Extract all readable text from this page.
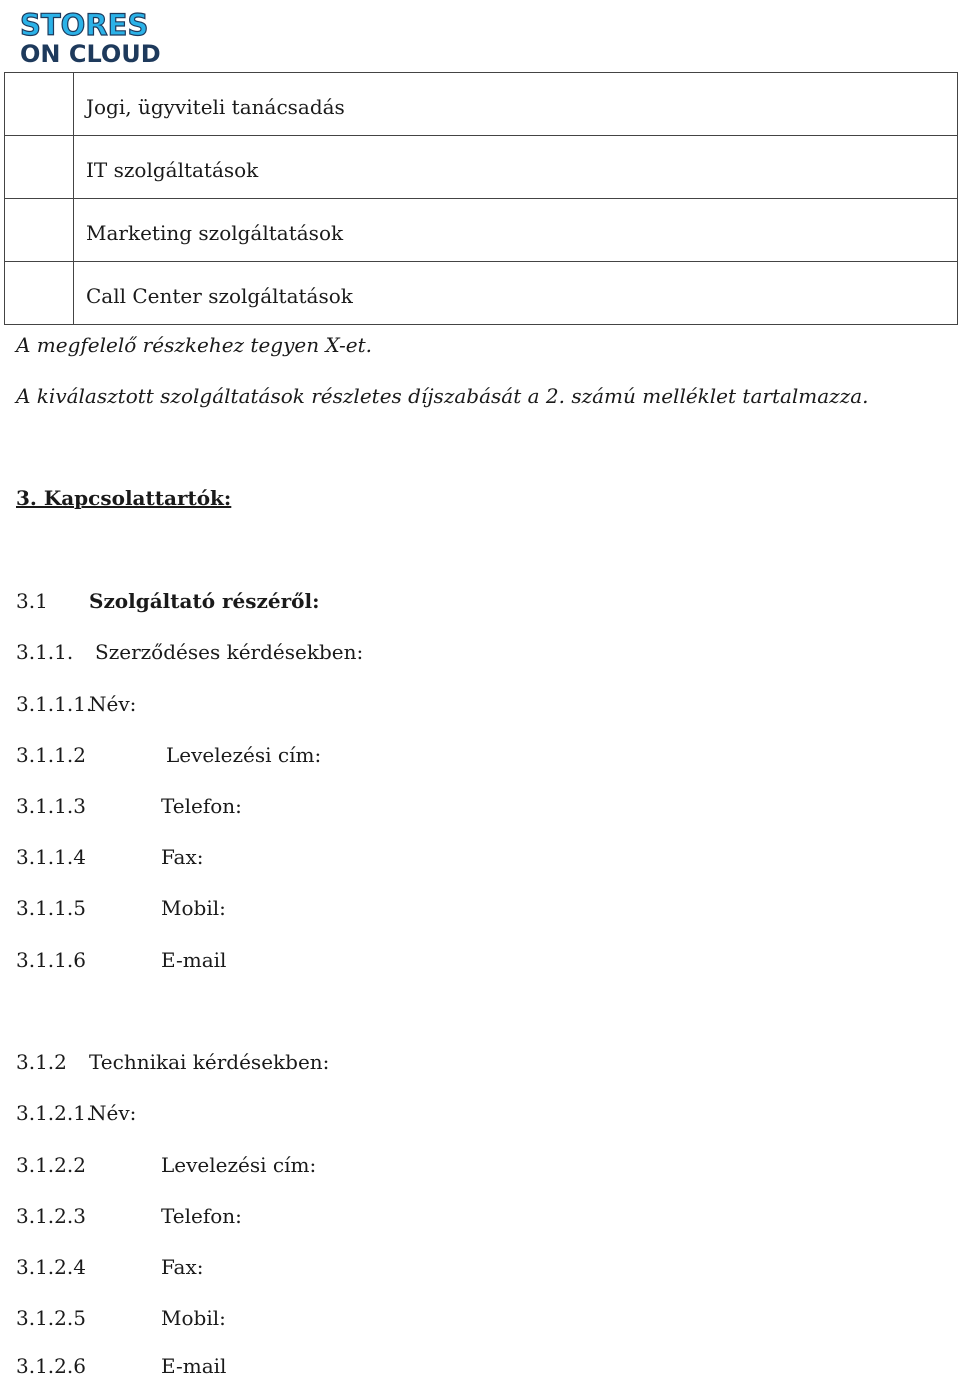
STORES
ON CLOUD
	Jogi, ügyviteli tanácsadás
	IT szolgáltatások
	Marketing szolgáltatások
	Call Center szolgáltatások
A megfelelő részkehez tegyen X-et.
A kiválasztott szolgáltatások részletes díjszabását a 2. számú melléklet tartalmazza.
3. Kapcsolattartók:
3.1 Szolgáltató részéről:
3.1.1. Szerződéses kérdésekben:
3.1.1.1.
Név:
3.1.1.2	Levelezési cím:
3.1.1.3	Telefon:
3.1.1.4	Fax:
3.1.1.5	Mobil:
3.1.1.6	E-mail
3.1.2 Technikai kérdésekben:
3.1.2.1.
Név:
3.1.2.2	Levelezési cím:
3.1.2.3	Telefon:
3.1.2.4	Fax:
3.1.2.5	Mobil:
3.1.2.6	E-mail
